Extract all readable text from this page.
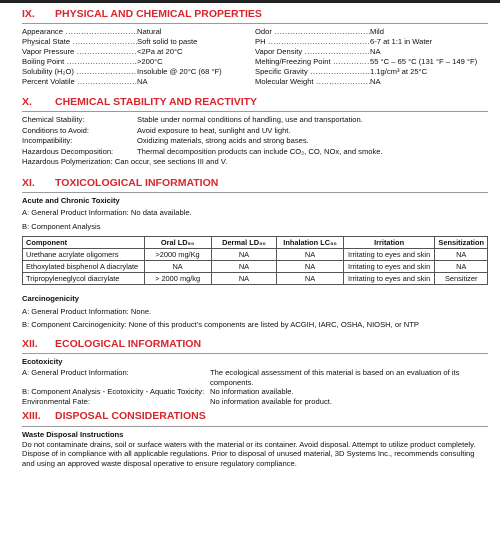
IX.	PHYSICAL AND CHEMICAL PROPERTIES
Appearance .....	Natural
Physical State .....	Soft solid to paste
Vapor Pressure .....	<2Pa at 20°C
Boiling Point .....	>200°C
Solubility (H₂O) .....	Insoluble @ 20°C (68 °F)
Percent Volatile .....	NA
Odor .....	Mild
PH .....	6-7 at 1:1 in Water
Vapor Density .....	NA
Melting/Freezing Point .....	55 °C – 65 °C (131 °F – 149 °F)
Specific Gravity .....	1.1g/cm³ at 25°C
Molecular Weight .....	NA
X.	CHEMICAL STABILITY AND REACTIVITY
Chemical Stability:	Stable under normal conditions of handling, use and transportation.
Conditions to Avoid:	Avoid exposure to heat, sunlight and UV light.
Incompatibility:	Oxidizing materials, strong acids and strong bases.
Hazardous Decomposition:	Thermal decomposition products can include CO₂, CO, NOx, and smoke.
Hazardous Polymerization: Can occur, see sections III and V.
XI.	TOXICOLOGICAL INFORMATION
Acute and Chronic Toxicity
A: General Product Information: No data available.
B: Component Analysis
Component	Oral LD₅₀	Dermal LD₅₀	Inhalation LC₅₀	Irritation	Sensitization
Urethane acrylate oligomers	>2000 mg/Kg	NA	NA	Irritating to eyes and skin	NA
Ethoxylated bisphenol A diacrylate	NA	NA	NA	Irritating to eyes and skin	NA
Tripropyleneglycol diacrylate	> 2000 mg/kg	NA	NA	Irritating to eyes and skin	Sensitizer
Carcinogenicity
A: General Product Information: None.
B: Component Carcinogenicity: None of this product's components are listed by ACGIH, IARC, OSHA, NIOSH, or NTP
XII.	ECOLOGICAL INFORMATION
Ecotoxicity
A: General Product Information:	The ecological assessment of this material is based on an evaluation of its components.
B: Component Analysis - Ecotoxicity - Aquatic Toxicity: No information available.
Environmental Fate:	No information available for product.
XIII.	DISPOSAL CONSIDERATIONS
Waste Disposal Instructions
Do not contaminate drains, soil or surface waters with the material or its container. Avoid disposal. Attempt to utilize product completely. Dispose of in compliance with all applicable regulations. Prior to disposal of unused material, 3D Systems Inc., recommends consulting and using an approved waste disposal operative to ensure regulatory compliance.
